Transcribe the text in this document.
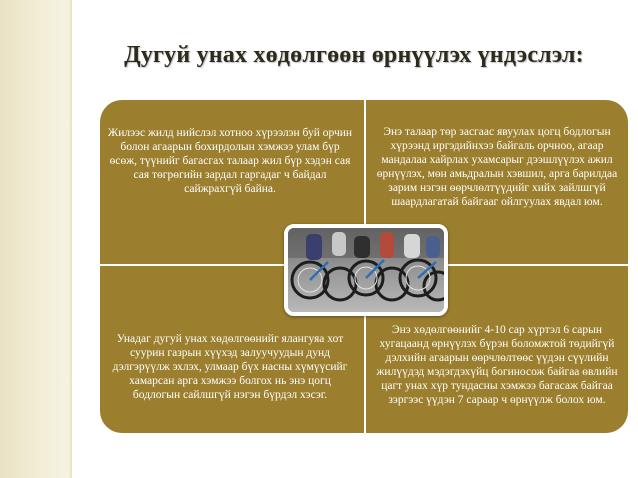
Дугуй унах хөдөлгөөн өрнүүлэх үндэслэл:

Жилээс жилд нийслэл хотноо хүрээлэн буй орчин болон агаарын бохирдолын хэмжээ улам бүр өсөж, түүнийг багасгах талаар жил бүр хэдэн сая сая төгрөгийн зардал гаргадаг ч байдал сайжрахгүй байна.

Энэ талаар төр засгаас явуулах цогц бодлогын хүрээнд иргэдийнхээ байгаль орчноо, агаар мандалаа хайрлах ухамсарыг дээшлүүлэх ажил өрнүүлэх, мөн амьдралын хэвшил, арга барилдаа зарим нэгэн өөрчлөлтүүдийг хийх зайлшгүй шаардлагатай байгааг ойлгуулах явдал юм.

Унадаг дугуй унах хөдөлгөөнийг ялангуяа хот суурин газрын хүүхэд залуучуудын дунд дэлгэрүүлж эхлэх, улмаар бүх насны хүмүүсийг хамарсан арга хэмжээ болгох нь энэ цогц бодлогын сайлшгүй нэгэн бүрдэл хэсэг.

Энэ хөдөлгөөнийг 4-10 сар хүртэл 6 сарын хугацаанд өрнүүлэх бүрэн боломжтой төдийгүй дэлхийн агаарын өөрчлөлтөөс үүдэн сүүлийн жилүүдэд мэдэгдэхүйц богиносож байгаа өвлийн цагт унах хүр тундасны хэмжээ багасаж байгаа зэргээс үүдэн 7 сараар ч өрнүүлж болох юм.
